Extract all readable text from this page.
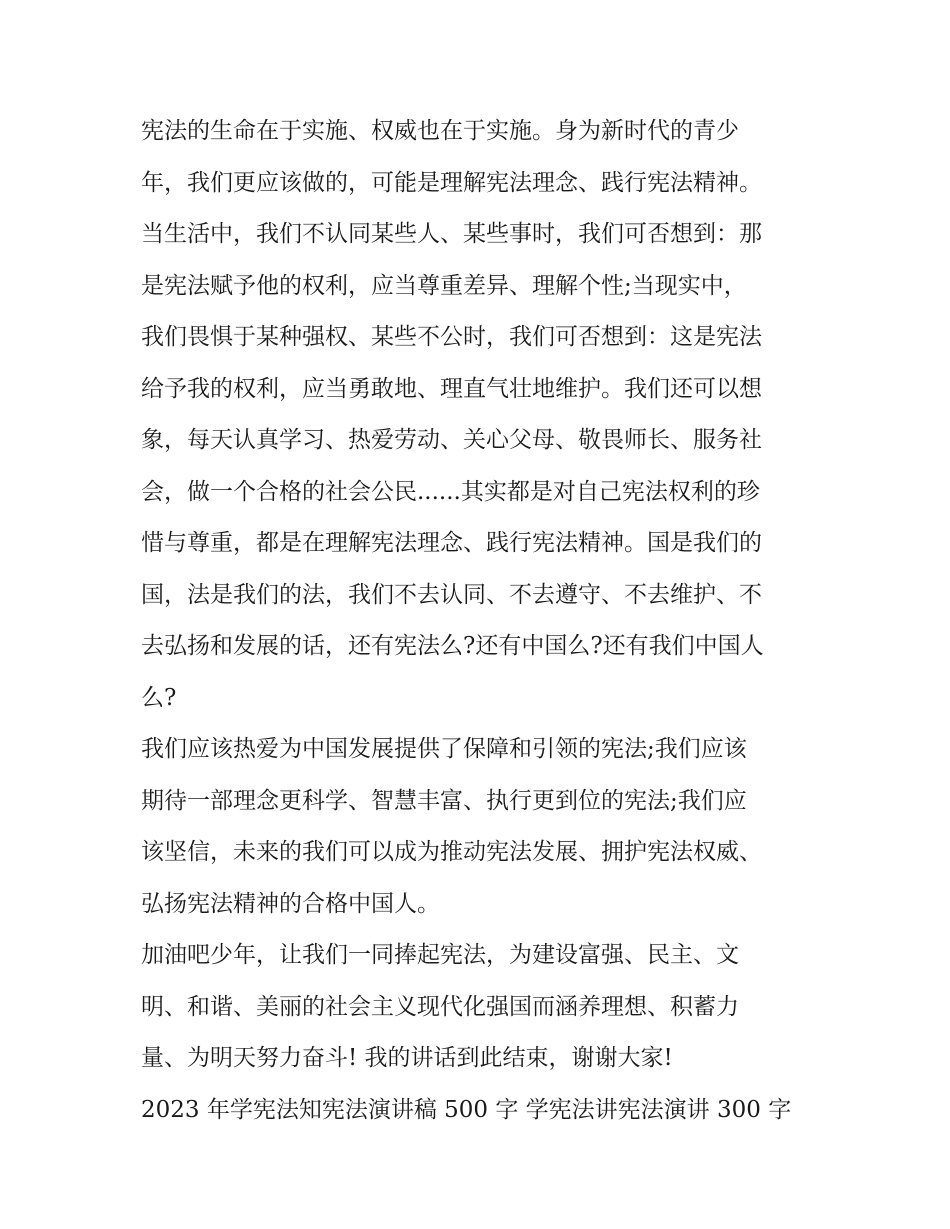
宪法的生命在于实施、权威也在于实施。身为新时代的青少
年，我们更应该做的，可能是理解宪法理念、践行宪法精神。
当生活中，我们不认同某些人、某些事时，我们可否想到：那
是宪法赋予他的权利，应当尊重差异、理解个性;当现实中，
我们畏惧于某种强权、某些不公时，我们可否想到：这是宪法
给予我的权利，应当勇敢地、理直气壮地维护。我们还可以想
象，每天认真学习、热爱劳动、关心父母、敬畏师长、服务社
会，做一个合格的社会公民......其实都是对自己宪法权利的珍
惜与尊重，都是在理解宪法理念、践行宪法精神。国是我们的
国，法是我们的法，我们不去认同、不去遵守、不去维护、不
去弘扬和发展的话，还有宪法么?还有中国么?还有我们中国人
么?
我们应该热爱为中国发展提供了保障和引领的宪法;我们应该
期待一部理念更科学、智慧丰富、执行更到位的宪法;我们应
该坚信，未来的我们可以成为推动宪法发展、拥护宪法权威、
弘扬宪法精神的合格中国人。
加油吧少年，让我们一同捧起宪法，为建设富强、民主、文
明、和谐、美丽的社会主义现代化强国而涵养理想、积蓄力
量、为明天努力奋斗! 我的讲话到此结束，谢谢大家!
2023 年学宪法知宪法演讲稿 500 字 学宪法讲宪法演讲 300 字
